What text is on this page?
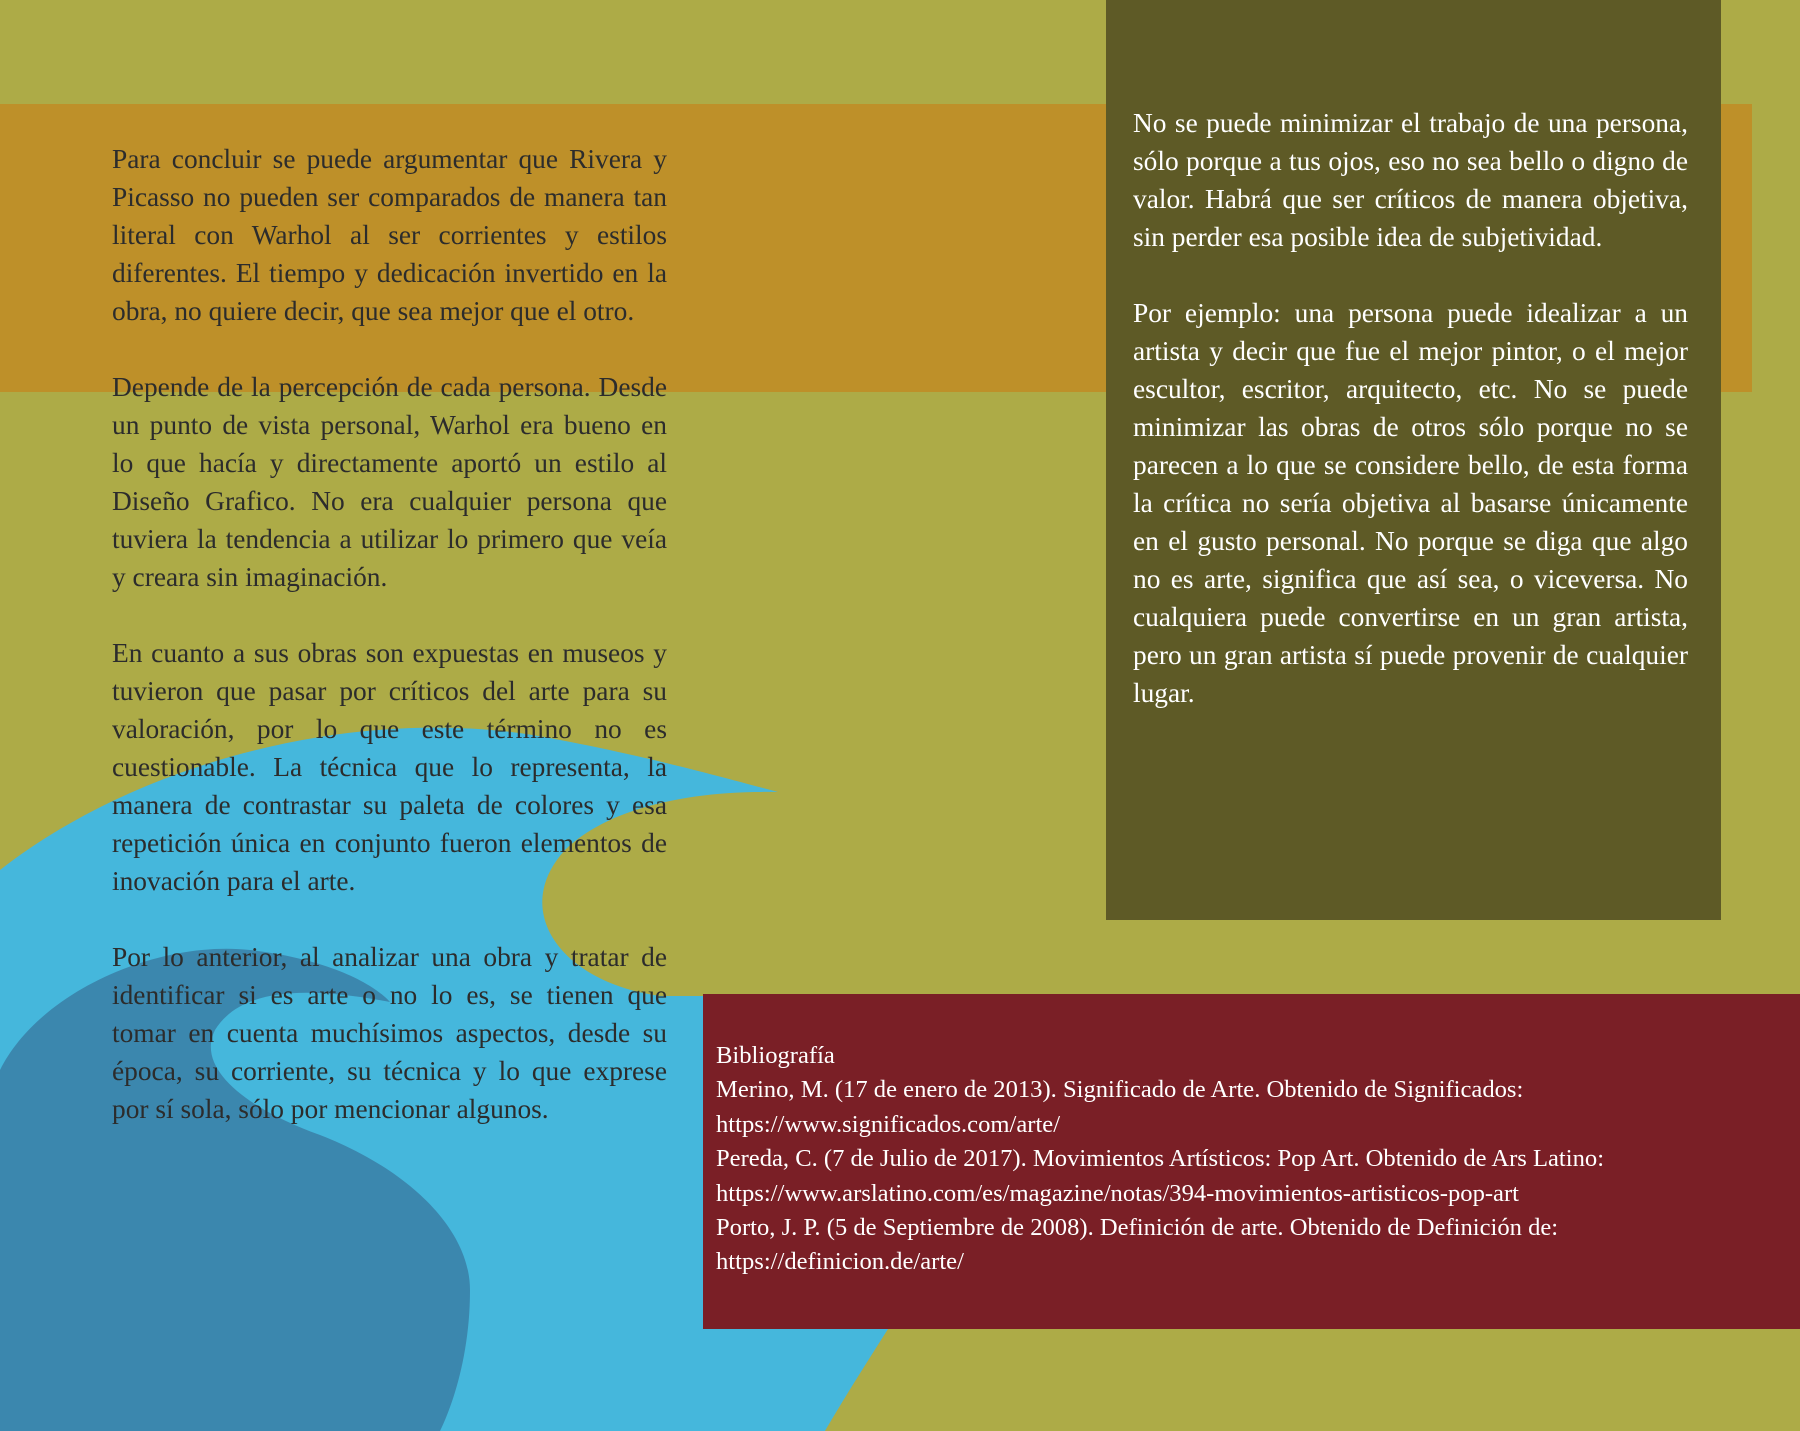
Para concluir se puede argumentar que Rivera y Picasso no pueden ser comparados de manera tan literal con Warhol al ser corrientes y estilos diferentes. El tiempo y dedicación invertido en la obra, no quiere decir, que sea mejor que el otro.

Depende de la percepción de cada persona. Desde un punto de vista personal, Warhol era bueno en lo que hacía y directamente aportó un estilo al Diseño Grafico. No era cualquier persona que tuviera la tendencia a utilizar lo primero que veía y creara sin imaginación.

En cuanto a sus obras son expuestas en museos y tuvieron que pasar por críticos del arte para su valoración, por lo que este término no es cuestionable. La técnica que lo representa, la manera de contrastar su paleta de colores y esa repetición única en conjunto fueron elementos de inovación para el arte.

Por lo anterior, al analizar una obra y tratar de identificar si es arte o no lo es, se tienen que tomar en cuenta muchísimos aspectos, desde su época, su corriente, su técnica y lo que exprese por sí sola, sólo por mencionar algunos.

No se puede minimizar el trabajo de una persona, sólo porque a tus ojos, eso no sea bello o digno de valor. Habrá que ser críticos de manera objetiva, sin perder esa posible idea de subjetividad.

Por ejemplo: una persona puede idealizar a un artista y decir que fue el mejor pintor, o el mejor escultor, escritor, arquitecto, etc. No se puede minimizar las obras de otros sólo porque no se parecen a lo que se considere bello, de esta forma la crítica no sería objetiva al basarse únicamente en el gusto personal. No porque se diga que algo no es arte, significa que así sea, o viceversa. No cualquiera puede convertirse en un gran artista, pero un gran artista sí puede provenir de cualquier lugar.

Bibliografía
Merino, M. (17 de enero de 2013). Significado de Arte. Obtenido de Significados:
https://www.significados.com/arte/
Pereda, C. (7 de Julio de 2017). Movimientos Artísticos: Pop Art. Obtenido de Ars Latino:
https://www.arslatino.com/es/magazine/notas/394-movimientos-artisticos-pop-art
Porto, J. P. (5 de Septiembre de 2008). Definición de arte. Obtenido de Definición de:
https://definicion.de/arte/
